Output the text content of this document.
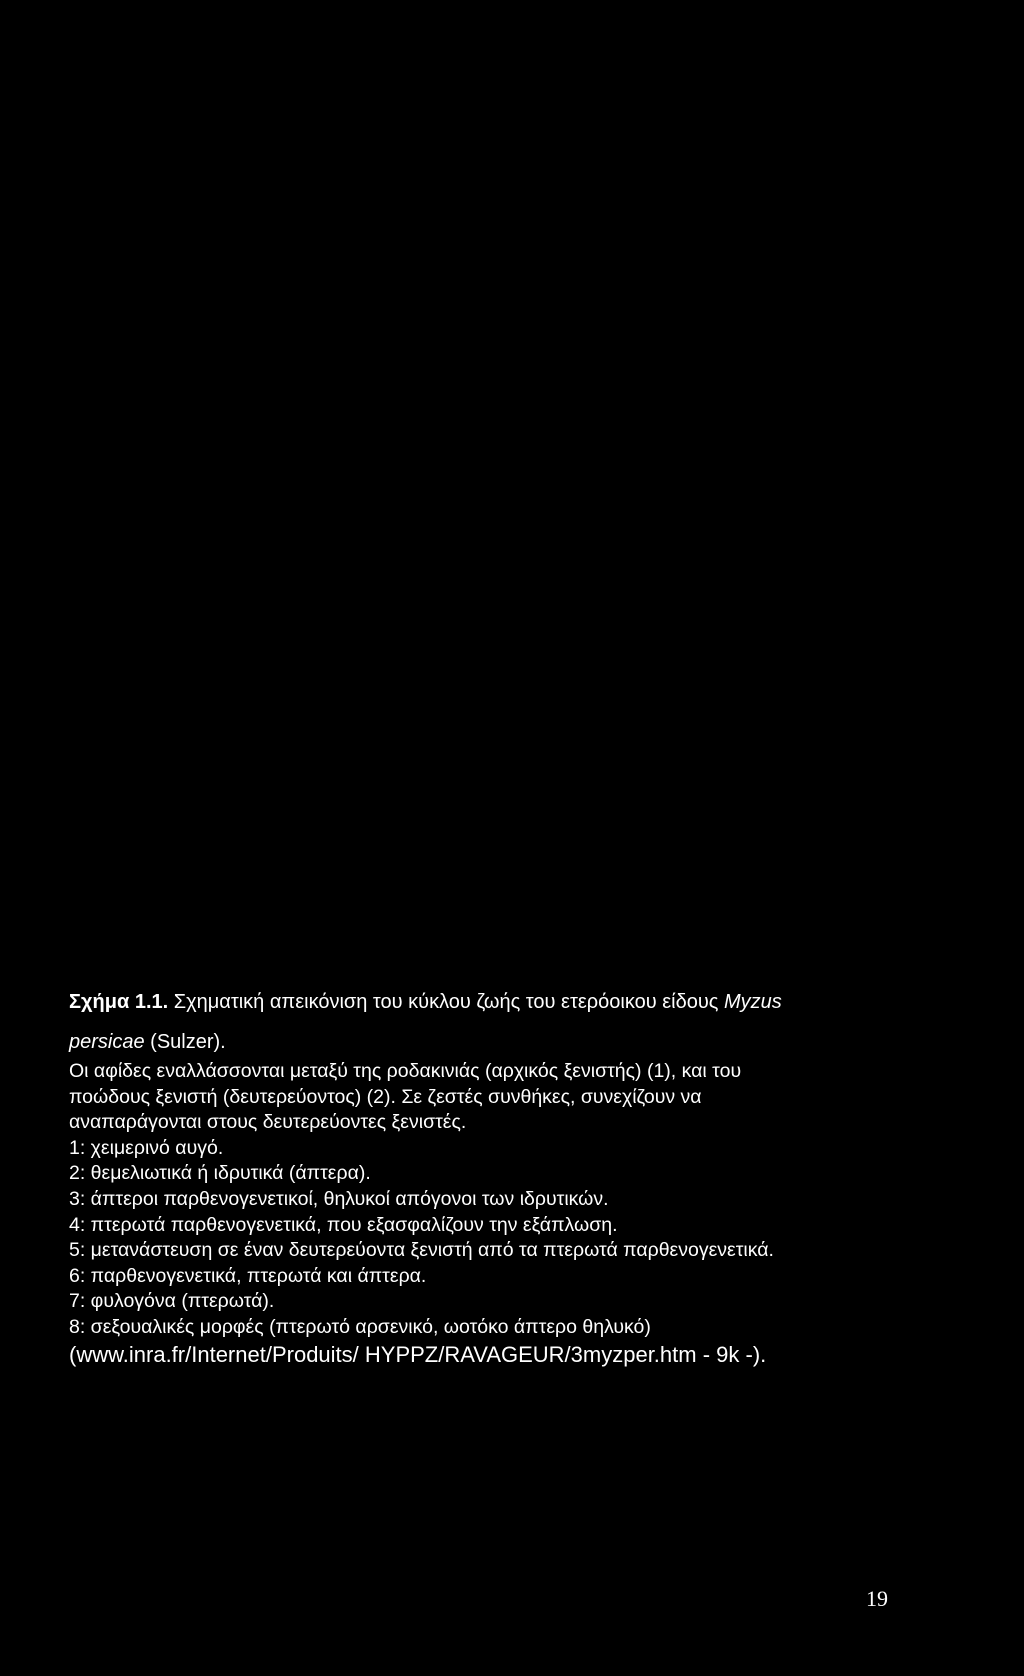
Σχήμα 1.1. Σχηματική απεικόνιση του κύκλου ζωής του ετερόοικου είδους Myzus
persicae (Sulzer).

Οι αφίδες εναλλάσσονται μεταξύ της ροδακινιάς (αρχικός ξενιστής) (1), και του

ποώδους ξενιστή (δευτερεύοντος) (2). Σε ζεστές συνθήκες, συνεχίζουν να

αναπαράγονται στους δευτερεύοντες ξενιστές.

1: χειμερινό αυγό.

2: θεμελιωτικά ή ιδρυτικά (άπτερα).

3: άπτεροι παρθενογενετικοί, θηλυκοί απόγονοι των ιδρυτικών.

4: πτερωτά παρθενογενετικά, που εξασφαλίζουν την εξάπλωση.

5: μετανάστευση σε έναν δευτερεύοντα ξενιστή από τα πτερωτά παρθενογενετικά.

6: παρθενογενετικά, πτερωτά και άπτερα.

7: φυλογόνα (πτερωτά).

8: σεξουαλικές μορφές (πτερωτό αρσενικό, ωοτόκο άπτερο θηλυκό)

(www.inra.fr/Internet/Produits/ HYPPZ/RAVAGEUR/3myzper.htm - 9k -).

19
